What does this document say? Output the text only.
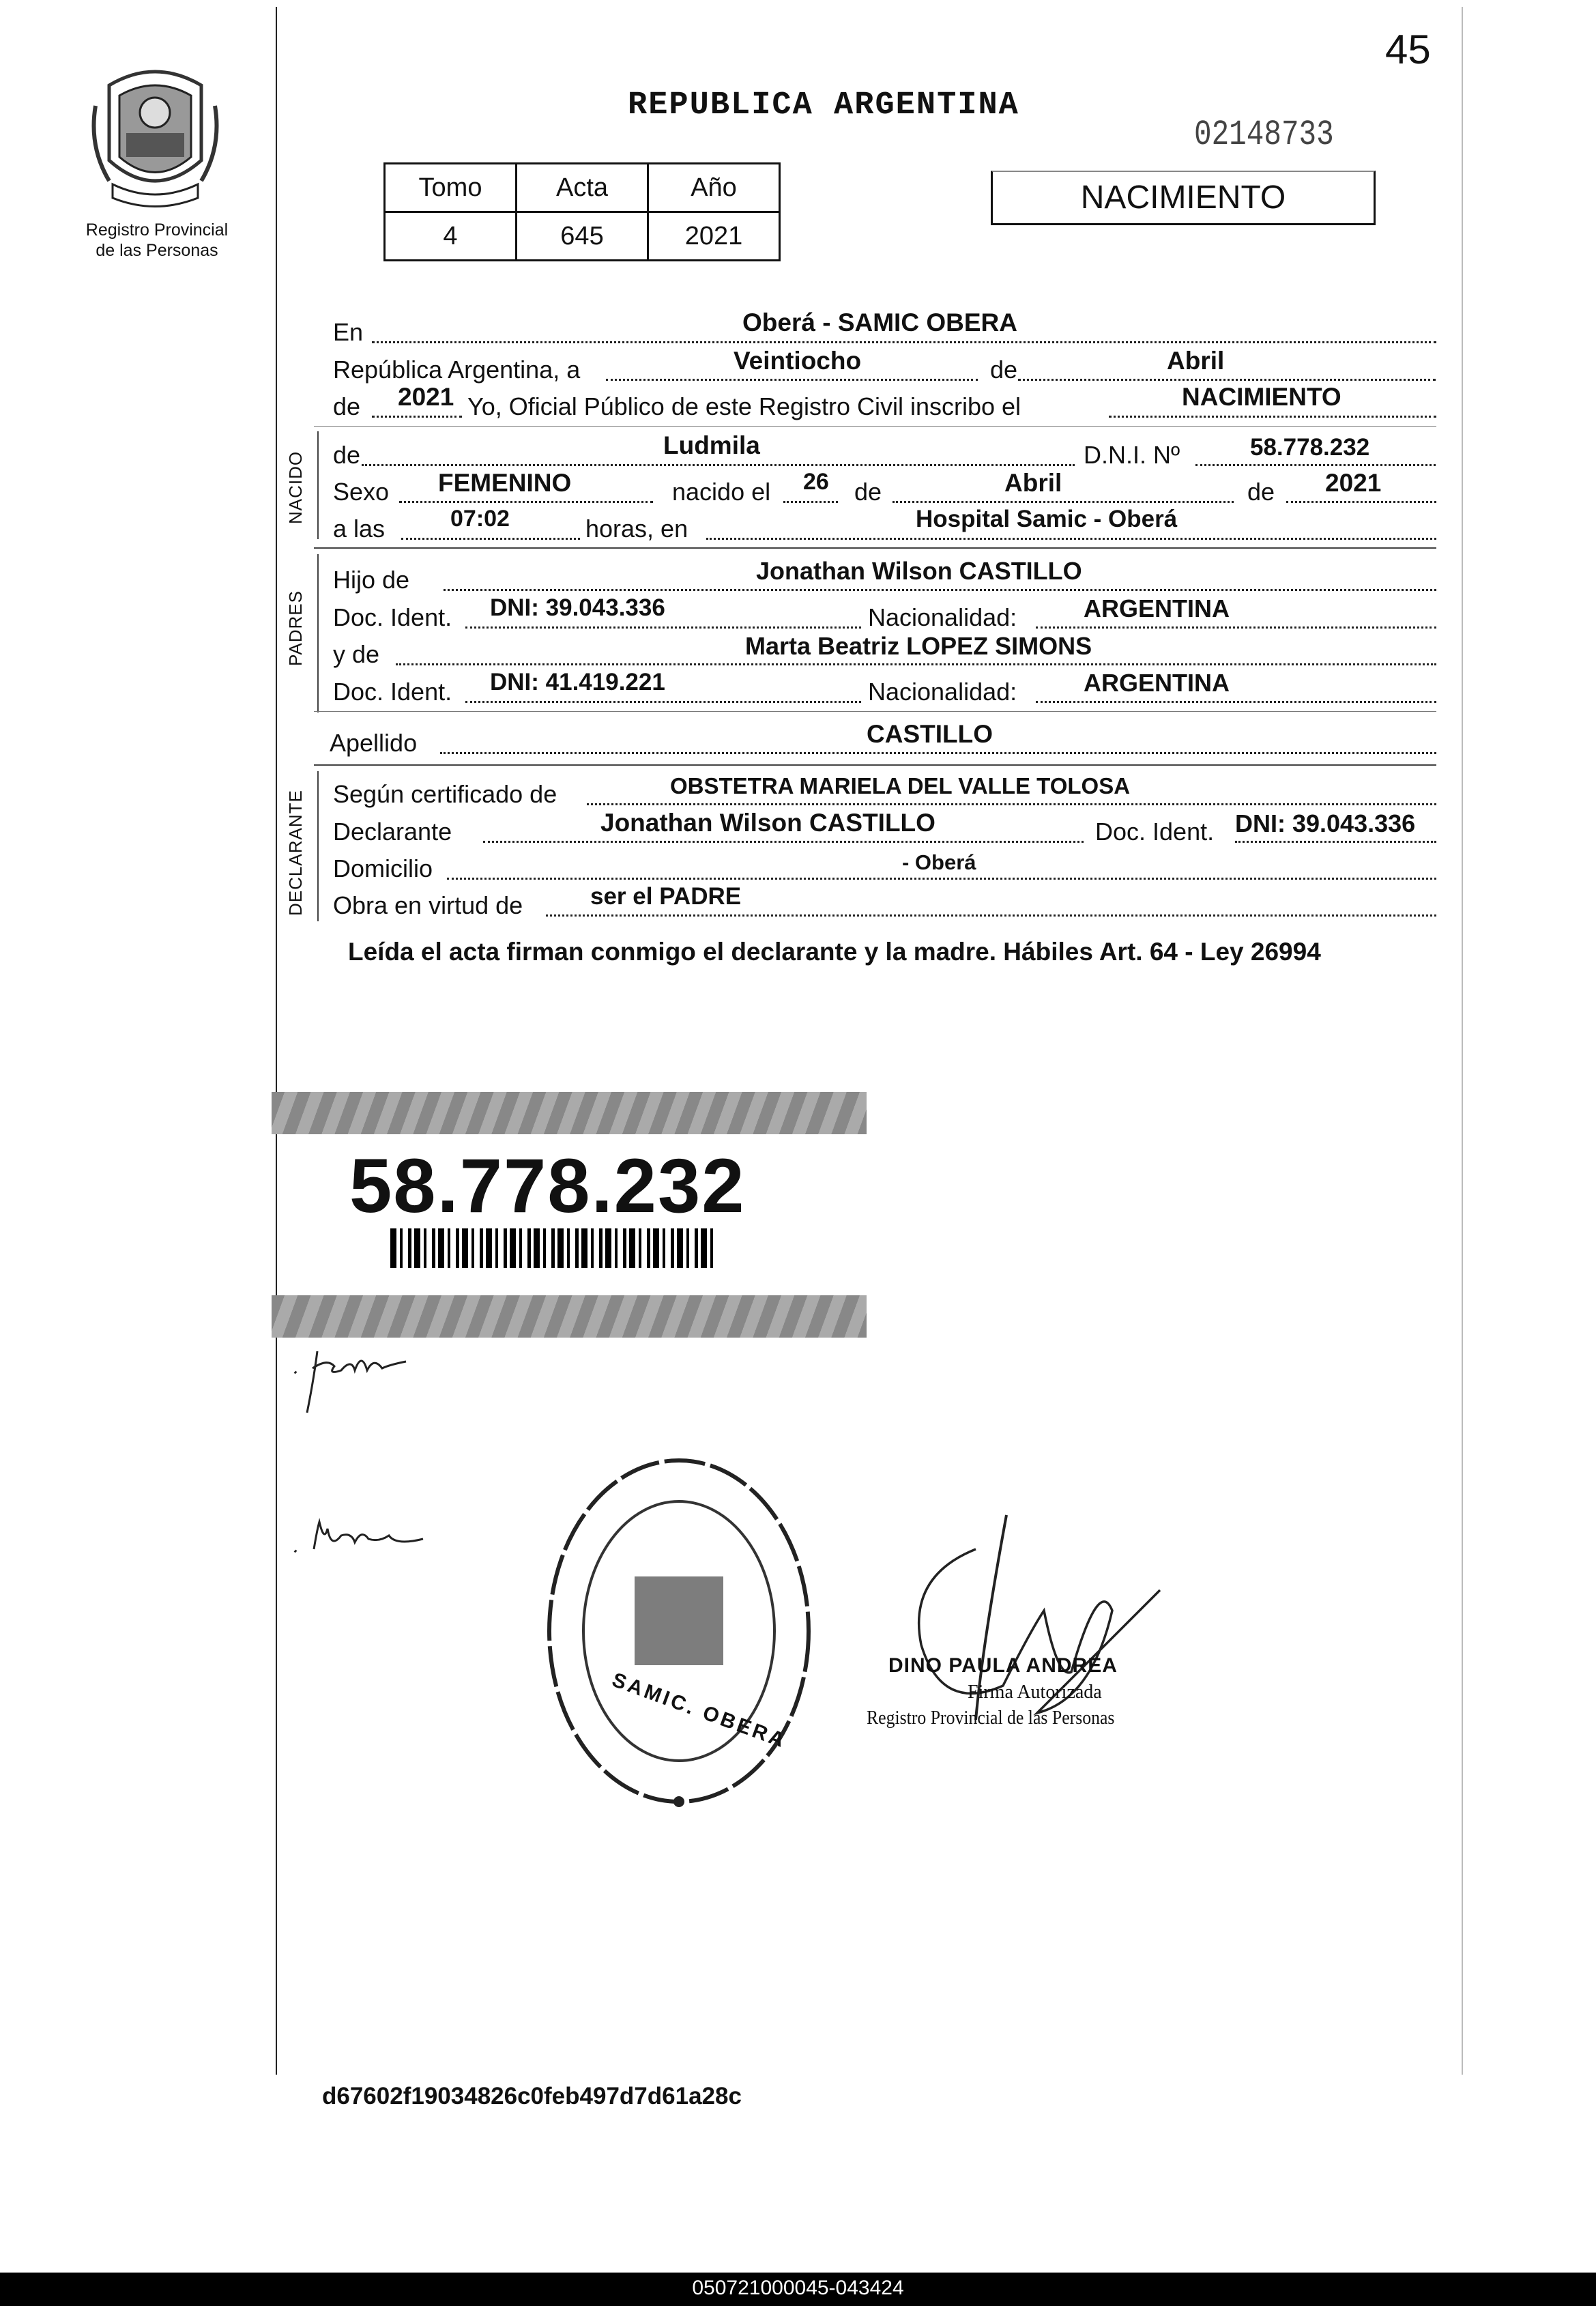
45
Registro Provincial
de las Personas
REPUBLICA ARGENTINA
02148733
Tomo	Acta	Año
4	645	2021
NACIMIENTO
En	Oberá - SAMIC OBERA
República Argentina, a	Veintiocho	de	Abril
de 2021 Yo, Oficial Público de este Registro Civil inscribo el	NACIMIENTO
NACIDO de	Ludmila	D.N.I. Nº	58.778.232
Sexo FEMENINO	nacido el 26 de	Abril	de 2021
a las	07:02	horas, en	Hospital Samic - Oberá
PADRES
Hijo de	Jonathan Wilson CASTILLO
Doc. Ident. DNI: 39.043.336	Nacionalidad:	ARGENTINA
y de	Marta Beatriz LOPEZ SIMONS
Doc. Ident. DNI: 41.419.221	Nacionalidad:	ARGENTINA
Apellido	CASTILLO
DECLARANTE Según certificado de	OBSTETRA MARIELA DEL VALLE TOLOSA
Declarante	Jonathan Wilson CASTILLO	Doc. Ident. DNI: 39.043.336
Domicilio	- Oberá
Obra en virtud de	ser el PADRE
Leída el acta firman conmigo el declarante y la madre. Hábiles Art. 64 - Ley 26994
58.778.232
SAMIC. OBERA
DINO PAULA ANDREA
Firma Autorizada
Registro Provincial de las Personas
d67602f19034826c0feb497d7d61a28c
050721000045-043424
